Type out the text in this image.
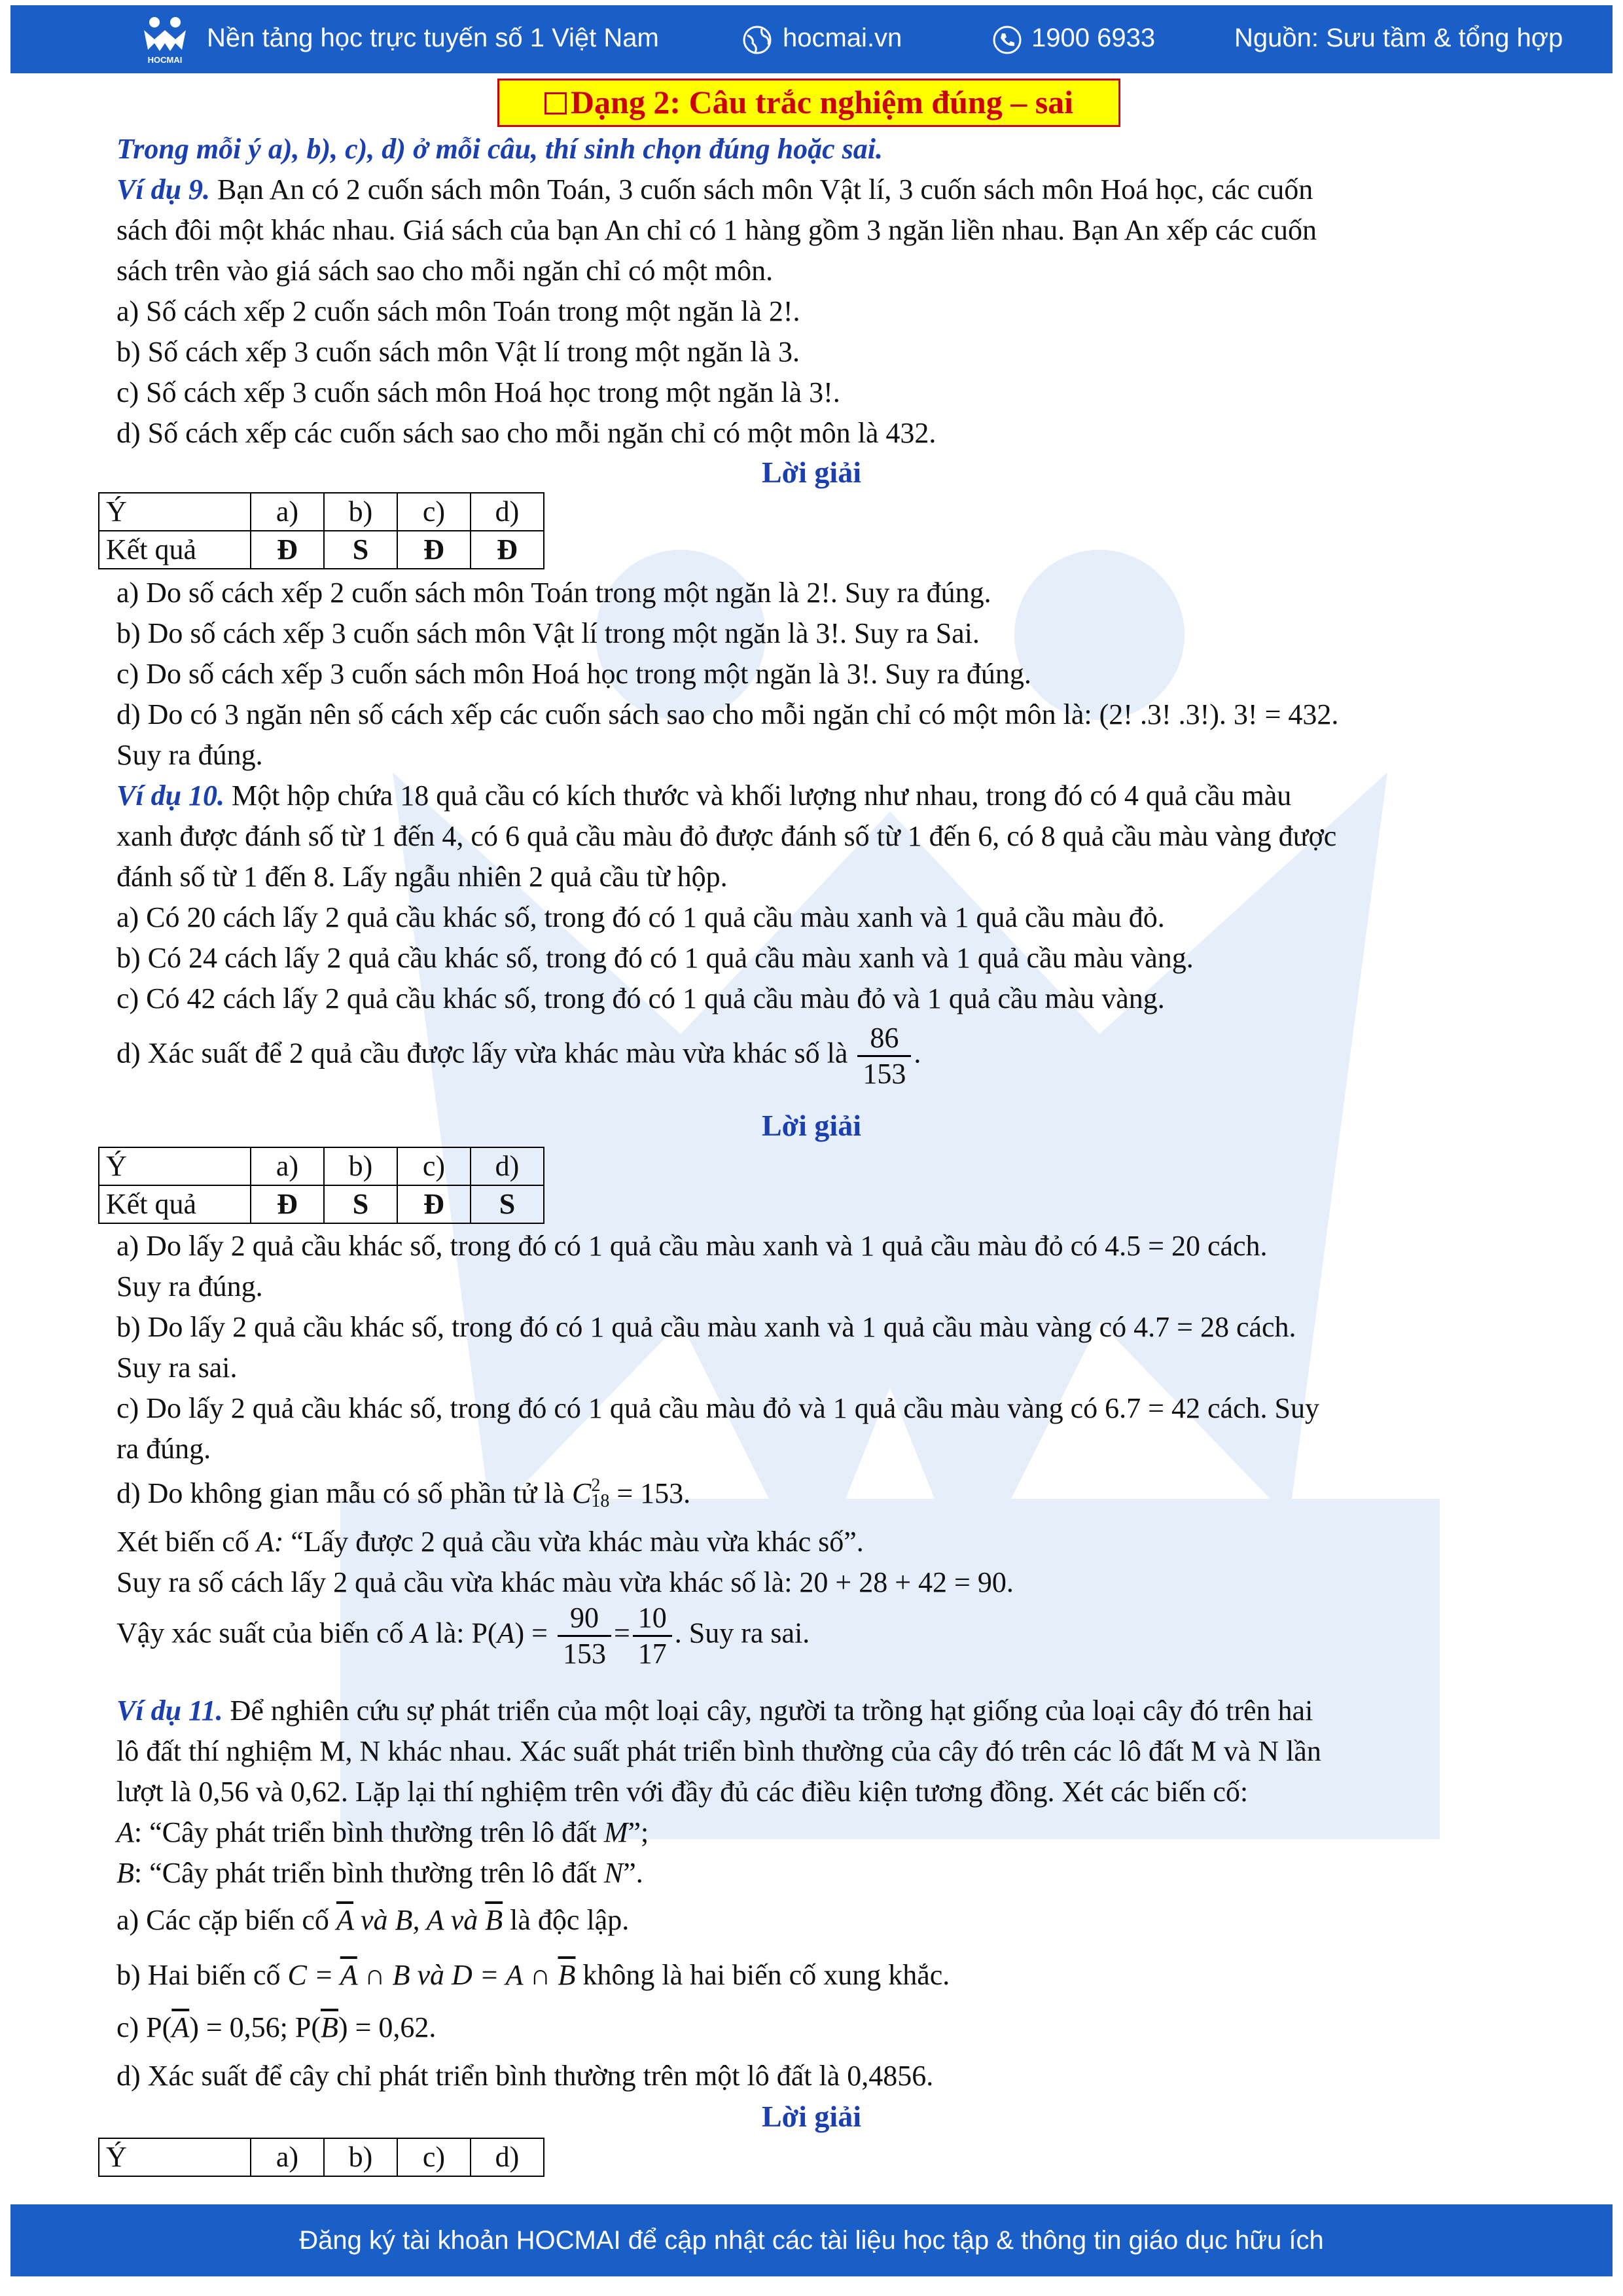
HOCMAI
Nền tảng học trực tuyến số 1 Việt Nam	hocmai.vn	1900 6933	Nguồn: Sưu tầm & tổng hợp
Dạng 2: Câu trắc nghiệm đúng – sai
Trong mỗi ý a), b), c), d) ở mỗi câu, thí sinh chọn đúng hoặc sai.
Ví dụ 9. Bạn An có 2 cuốn sách môn Toán, 3 cuốn sách môn Vật lí, 3 cuốn sách môn Hoá học, các cuốn
sách đôi một khác nhau. Giá sách của bạn An chỉ có 1 hàng gồm 3 ngăn liền nhau. Bạn An xếp các cuốn
sách trên vào giá sách sao cho mỗi ngăn chỉ có một môn.
a) Số cách xếp 2 cuốn sách môn Toán trong một ngăn là 2!.
b) Số cách xếp 3 cuốn sách môn Vật lí trong một ngăn là 3.
c) Số cách xếp 3 cuốn sách môn Hoá học trong một ngăn là 3!.
d) Số cách xếp các cuốn sách sao cho mỗi ngăn chỉ có một môn là 432.
Lời giải
Ý	a)	b)	c)	d)
Kết quả	Đ	S	Đ	Đ
a) Do số cách xếp 2 cuốn sách môn Toán trong một ngăn là 2!. Suy ra đúng.
b) Do số cách xếp 3 cuốn sách môn Vật lí trong một ngăn là 3!. Suy ra Sai.
c) Do số cách xếp 3 cuốn sách môn Hoá học trong một ngăn là 3!. Suy ra đúng.
d) Do có 3 ngăn nên số cách xếp các cuốn sách sao cho mỗi ngăn chỉ có một môn là: (2! .3! .3!). 3! = 432.
Suy ra đúng.
Ví dụ 10. Một hộp chứa 18 quả cầu có kích thước và khối lượng như nhau, trong đó có 4 quả cầu màu
xanh được đánh số từ 1 đến 4, có 6 quả cầu màu đỏ được đánh số từ 1 đến 6, có 8 quả cầu màu vàng được
đánh số từ 1 đến 8. Lấy ngẫu nhiên 2 quả cầu từ hộp.
a) Có 20 cách lấy 2 quả cầu khác số, trong đó có 1 quả cầu màu xanh và 1 quả cầu màu đỏ.
b) Có 24 cách lấy 2 quả cầu khác số, trong đó có 1 quả cầu màu xanh và 1 quả cầu màu vàng.
c) Có 42 cách lấy 2 quả cầu khác số, trong đó có 1 quả cầu màu đỏ và 1 quả cầu màu vàng.
d) Xác suất để 2 quả cầu được lấy vừa khác màu vừa khác số là $\frac{86}{153}$ .
Lời giải
Ý	a)	b)	c)	d)
Kết quả	Đ	S	Đ	S
a) Do lấy 2 quả cầu khác số, trong đó có 1 quả cầu màu xanh và 1 quả cầu màu đỏ có 4.5 = 20 cách.
Suy ra đúng.
b) Do lấy 2 quả cầu khác số, trong đó có 1 quả cầu màu xanh và 1 quả cầu màu vàng có 4.7 = 28 cách.
Suy ra sai.
c) Do lấy 2 quả cầu khác số, trong đó có 1 quả cầu màu đỏ và 1 quả cầu màu vàng có 6.7 = 42 cách. Suy
ra đúng.
d) Do không gian mẫu có số phần tử là C 2
18 = 153.
Xét biến cố A: “Lấy được 2 quả cầu vừa khác màu vừa khác số”.
Suy ra số cách lấy 2 quả cầu vừa khác màu vừa khác số là: 20 + 28 + 42 = 90.
Vậy xác suất của biến cố A là: $P(A) = \frac{90}{153} = \frac{10}{17}$ . Suy ra sai.
Ví dụ 11. Để nghiên cứu sự phát triển của một loại cây, người ta trồng hạt giống của loại cây đó trên hai
lô đất thí nghiệm M, N khác nhau. Xác suất phát triển bình thường của cây đó trên các lô đất M và N lần
lượt là 0,56 và 0,62. Lặp lại thí nghiệm trên với đầy đủ các điều kiện tương đồng. Xét các biến cố:
A: “Cây phát triển bình thường trên lô đất M”;
B: “Cây phát triển bình thường trên lô đất N”.
a) Các cặp biến cố $\overline{A}$ và B, A và $\overline{B}$ là độc lập.
b) Hai biến cố $C = \overline{A}$ ∩ B và D = A ∩ $\overline{B}$ không là hai biến cố xung khắc.
c) $P(\overline{A}) = 0,56$; $P(\overline{B}) = 0,62$.
d) Xác suất để cây chỉ phát triển bình thường trên một lô đất là 0,4856.
Lời giải
Ý	a)	b)	c)	d)
Đăng ký tài khoản HOCMAI để cập nhật các tài liệu học tập & thông tin giáo dục hữu ích
